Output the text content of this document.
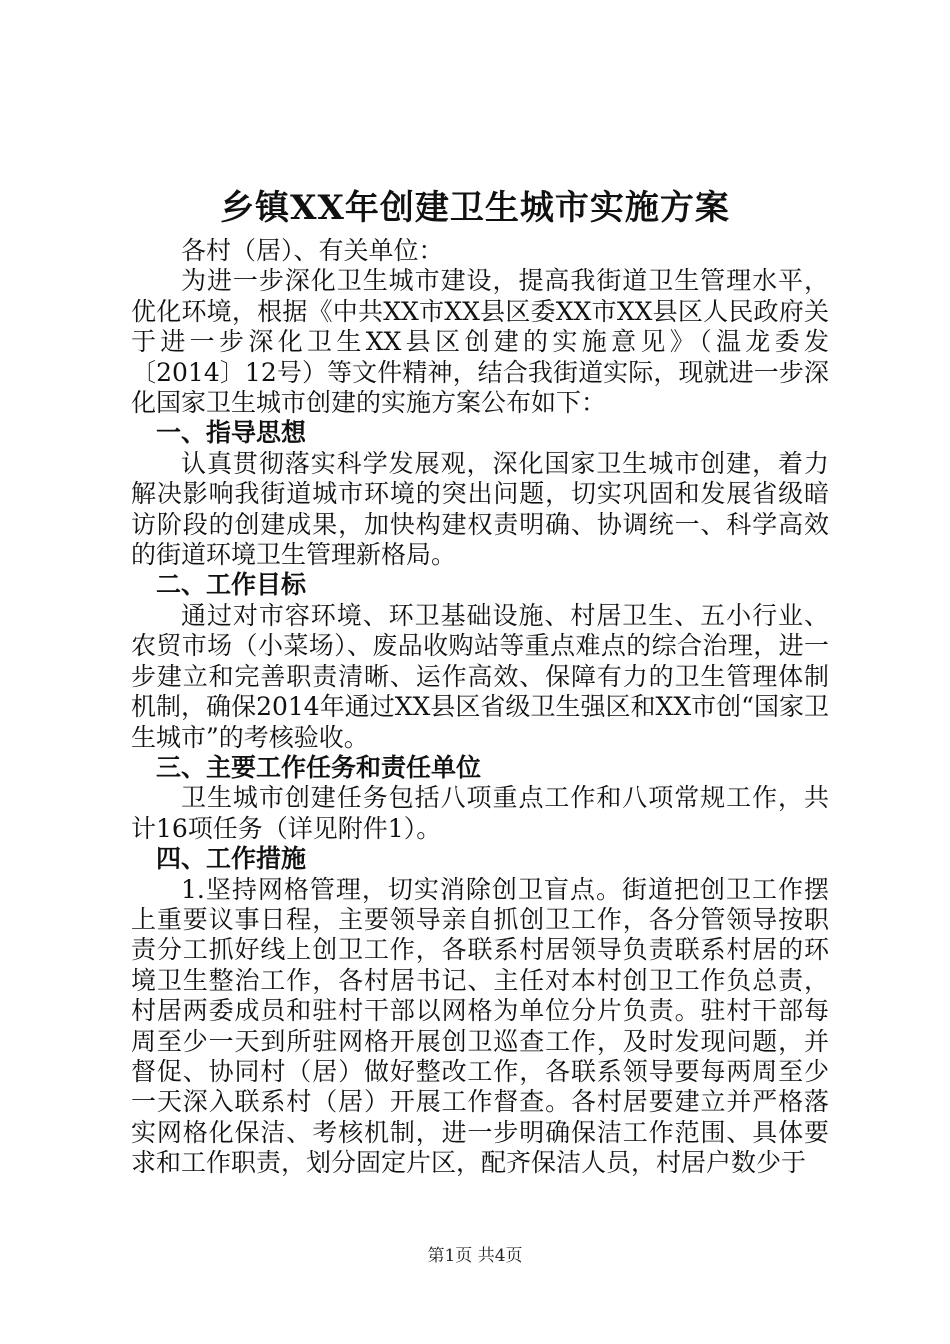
乡镇XX年创建卫生城市实施方案

各村（居）、有关单位：

为进一步深化卫生城市建设，提高我街道卫生管理水平，优化环境，根据《中共XX市XX县区委XX市XX县区人民政府关于进一步深化卫生XX县区创建的实施意见》（温龙委发〔2014〕12号）等文件精神，结合我街道实际，现就进一步深化国家卫生城市创建的实施方案公布如下：

一、指导思想

认真贯彻落实科学发展观，深化国家卫生城市创建，着力解决影响我街道城市环境的突出问题，切实巩固和发展省级暗访阶段的创建成果，加快构建权责明确、协调统一、科学高效的街道环境卫生管理新格局。

二、工作目标

通过对市容环境、环卫基础设施、村居卫生、五小行业、农贸市场（小菜场）、废品收购站等重点难点的综合治理，进一步建立和完善职责清晰、运作高效、保障有力的卫生管理体制机制，确保2014年通过XX县区省级卫生强区和XX市创“国家卫生城市”的考核验收。

三、主要工作任务和责任单位

卫生城市创建任务包括八项重点工作和八项常规工作，共计16项任务（详见附件1）。

四、工作措施

1.坚持网格管理，切实消除创卫盲点。街道把创卫工作摆上重要议事日程，主要领导亲自抓创卫工作，各分管领导按职责分工抓好线上创卫工作，各联系村居领导负责联系村居的环境卫生整治工作，各村居书记、主任对本村创卫工作负总责，村居两委成员和驻村干部以网格为单位分片负责。驻村干部每周至少一天到所驻网格开展创卫巡查工作，及时发现问题，并督促、协同村（居）做好整改工作，各联系领导要每两周至少一天深入联系村（居）开展工作督查。各村居要建立并严格落实网格化保洁、考核机制，进一步明确保洁工作范围、具体要求和工作职责，划分固定片区，配齐保洁人员，村居户数少于

第1页 共4页
